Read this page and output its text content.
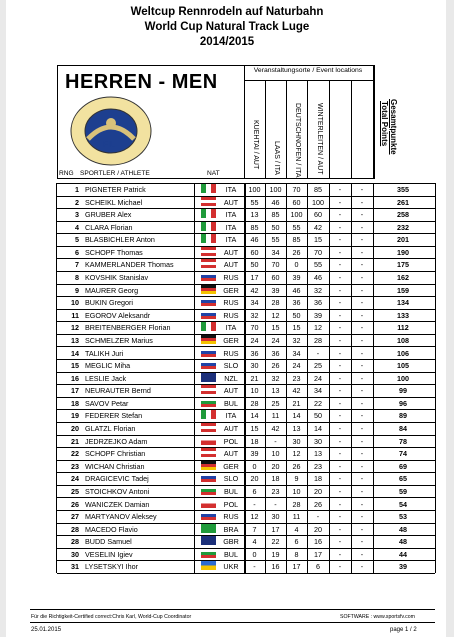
Weltcup Rennrodeln auf Naturbahn
World Cup Natural Track Luge
2014/2015
HERREN - MEN
FIL
Veranstaltungsorte / Event locations
KUEHTAI / AUT LAAS / ITA DEUTSCHNOFEN / ITA WINTERLEITEN / AUT	Gesamtpunkte
Total Points
RNG SPORTLER / ATHLETE	NAT
1 PIGNETER Patrick	ITA	100	100	70	85	-	-	355
2 SCHEIKL Michael	AUT	55	46	60	100	-	-	261
3 GRUBER Alex	ITA	13	85	100	60	-	-	258
4 CLARA Florian	ITA	85	50	55	42	-	-	232
5 BLASBICHLER Anton	ITA	46	55	85	15	-	-	201
6 SCHOPF Thomas	AUT	60	34	26	70	-	-	190
7 KAMMERLANDER Thomas	AUT	50	70	0	55	-	-	175
8 KOVSHIK Stanislav	RUS	17	60	39	46	-	-	162
9 MAURER Georg	GER	42	39	46	32	-	-	159
10 BUKIN Gregori	RUS	34	28	36	36	-	-	134
11 EGOROV Aleksandr	RUS	32	12	50	39	-	-	133
12 BREITENBERGER Florian	ITA	70	15	15	12	-	-	112
13 SCHMELZER Marius	GER	24	24	32	28	-	-	108
14 TALIKH Juri	RUS	36	36	34	-	-	-	106
15 MEGLIC Miha	SLO	30	26	24	25	-	-	105
16 LESLIE Jack	NZL	21	32	23	24	-	-	100
17 NEURAUTER Bernd	AUT	10	13	42	34	-	-	99
18 SAVOV Petar	BUL	28	25	21	22	-	-	96
19 FEDERER Stefan	ITA	14	11	14	50	-	-	89
20 GLATZL Florian	AUT	15	42	13	14	-	-	84
21 JEDRZEJKO Adam	POL	18	-	30	30	-	-	78
22 SCHOPF Christian	AUT	39	10	12	13	-	-	74
23 WICHAN Christian	GER	0	20	26	23	-	-	69
24 DRAGICEVIC Tadej	SLO	20	18	9	18	-	-	65
25 STOICHKOV Antoni	BUL	6	23	10	20	-	-	59
26 WANICZEK Damian	POL	-	-	28	26	-	-	54
27 MARTYANOV Aleksey	RUS	12	30	11	-	-	-	53
28 MACEDO Flavio	BRA	7	17	4	20	-	-	48
28 BUDD Samuel	GBR	4	22	6	16	-	-	48
30 VESELIN Igiev	BUL	0	19	8	17	-	-	44
31 LYSETSKYI Ihor	UKR	-	16	17	6	-	-	39
Für die Richtigkeit-Certified correct:Chris Karl, World-Cup Coordinator	SOFTWARE : www.sportsfv.com
25.01.2015	page 1 / 2
